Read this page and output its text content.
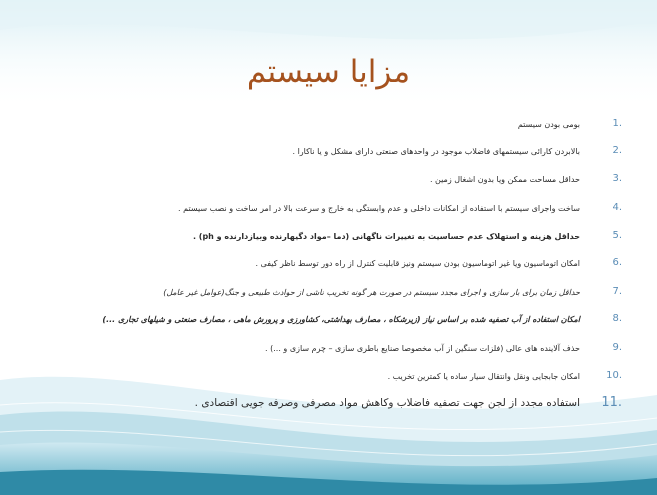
مزایا سیستم
1.
بومی بودن سیستم
2.
بالابردن کارائی سیستمهای فاضلاب موجود در واحدهای صنعتی دارای مشکل و یا ناکارا .
3.
حداقل مساحت ممکن ویا بدون اشغال زمین .
4.
ساخت واجرای سیستم با استفاده از امکانات داخلی و عدم وابستگی به خارج و سرعت بالا در امر ساخت و نصب سیستم .
5.
حداقل هزینه و استهلاک عدم حساسیت به تغییرات ناگهانی (دما –مواد دگیهارنده وبیازدارنده و ph) .
6.
امکان اتوماسیون ویا غیر اتوماسیون بودن سیستم ونیز قابلیت کنترل از راه دور توسط ناظر کیفی .
7.
حداقل زمان برای بار سازی و اجرای مجدد سیستم در صورت هر گونه تخریب ناشی از حوادث طبیعی و جنگ(عوامل غیر عامل)
8.
امکان استفاده از آب تصفیه شده بر اساس نیاز (زیرشکاه ، مصارف بهداشتی، کشاورزی و پرورش ماهی ، مصارف صنعتی و شیلهای تجاری ...)
9.
حذف آلاینده های عالی (فلزات سنگین از آب مخصوصا صنایع باطری سازی – چرم سازی و ...) .
10.
امکان جابجایی ونقل وانتقال سیار ساده یا کمترین تخریب .
11.
استفاده مجدد از لجن جهت تصفیه فاضلاب وکاهش مواد مصرفی وصرفه جویی اقتصادی .
